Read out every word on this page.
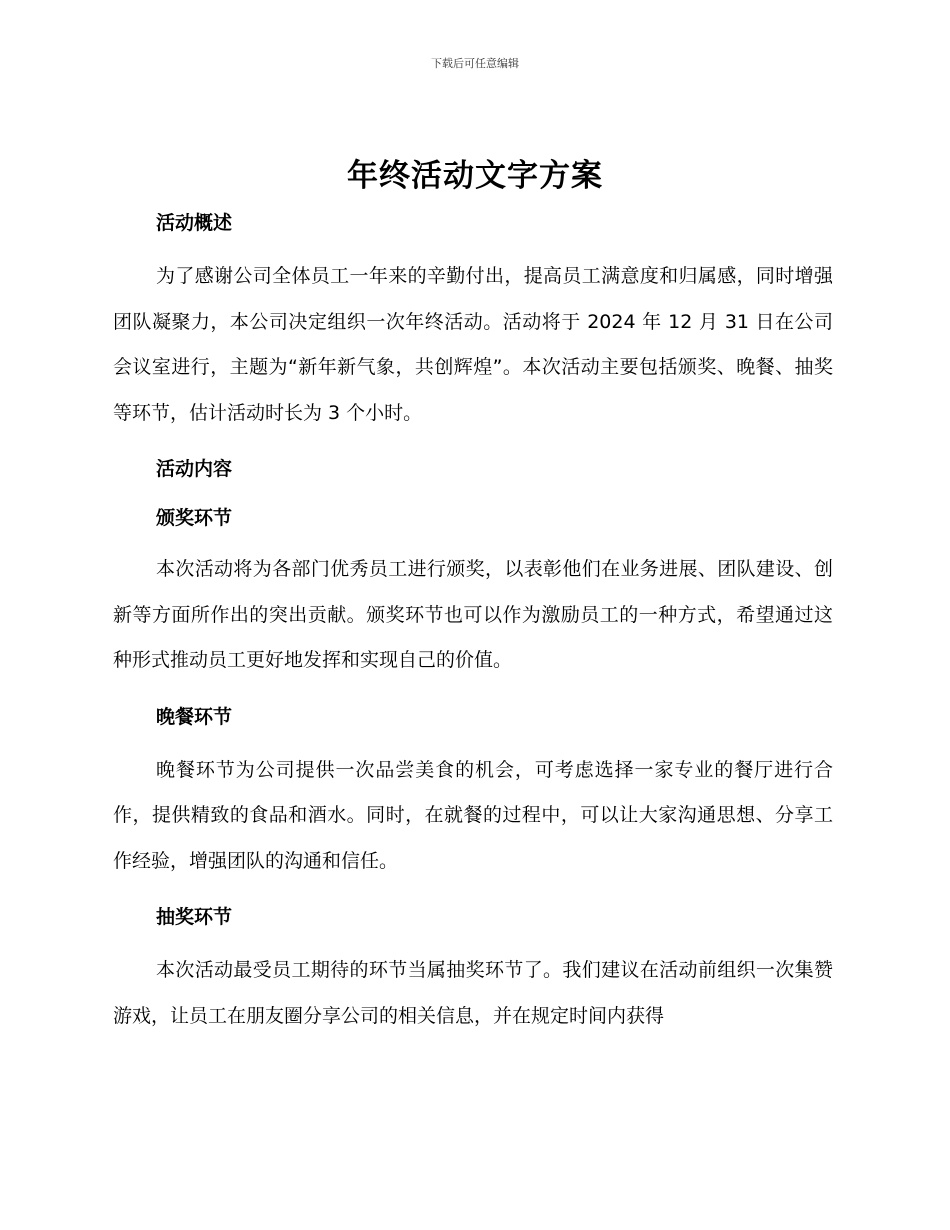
下载后可任意编辑
年终活动文字方案
活动概述

为了感谢公司全体员工一年来的辛勤付出，提高员工满意度和归属感，同时增强团队凝聚力，本公司决定组织一次年终活动。活动将于 2024 年 12 月 31 日在公司会议室进行，主题为“新年新气象，共创辉煌”。本次活动主要包括颁奖、晚餐、抽奖等环节，估计活动时长为 3 个小时。

活动内容
颁奖环节

本次活动将为各部门优秀员工进行颁奖，以表彰他们在业务进展、团队建设、创新等方面所作出的突出贡献。颁奖环节也可以作为激励员工的一种方式，希望通过这种形式推动员工更好地发挥和实现自己的价值。

晚餐环节

晚餐环节为公司提供一次品尝美食的机会，可考虑选择一家专业的餐厅进行合作，提供精致的食品和酒水。同时，在就餐的过程中，可以让大家沟通思想、分享工作经验，增强团队的沟通和信任。

抽奖环节

本次活动最受员工期待的环节当属抽奖环节了。我们建议在活动前组织一次集赞游戏，让员工在朋友圈分享公司的相关信息，并在规定时间内获得
